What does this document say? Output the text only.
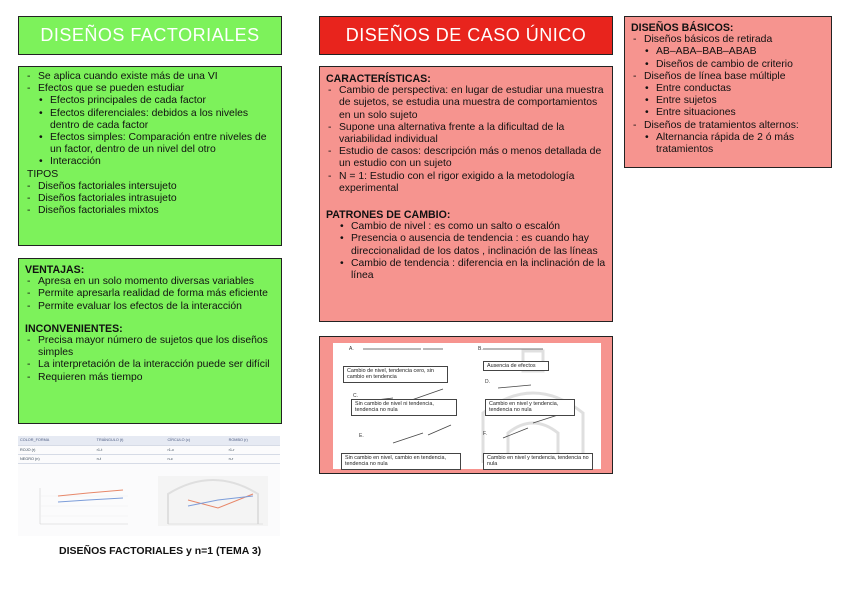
DISEÑOS FACTORIALES
- Se aplica cuando existe más de una VI
- Efectos que se pueden estudiar
• Efectos principales de cada factor
• Efectos diferenciales: debidos a los niveles dentro de cada factor
• Efectos simples: Comparación entre niveles de un factor, dentro de un nivel del otro
• Interacción
TIPOS
- Diseños factoriales intersujeto
- Diseños factoriales intrasujeto
- Diseños factoriales mixtos
VENTAJAS:
- Apresa en un solo momento diversas variables
- Permite apresarla realidad de forma más eficiente
- Permite evaluar los efectos de la interacción
INCONVENIENTES:
- Precisa mayor número de sujetos que los diseños simples
- La interpretación de la interacción puede ser difícil
- Requieren más tiempo
COLOR_FORMA	TRIÁNGULO (t)	CÍRCULO (c)	ROMBO (r)
ROJO (r)	r1-t	r1-c	r1-r
NEGRO (n)	n-t	n-c	n-r
DISEÑOS FACTORIALES y n=1 (TEMA 3)
DISEÑOS DE CASO ÚNICO
CARACTERÍSTICAS:
- Cambio de perspectiva: en lugar de estudiar una muestra de sujetos, se estudia una muestra de comportamientos en un solo sujeto
- Supone una alternativa frente a la dificultad de la variabilidad individual
- Estudio de casos: descripción más o menos detallada de un estudio con un sujeto
- N = 1: Estudio con el rigor exigido a la metodología experimental
PATRONES DE CAMBIO:
• Cambio de nivel : es como un salto o escalón
• Presencia o ausencia de tendencia : es cuando hay direccionalidad de los datos , inclinación de las líneas
• Cambio de tendencia : diferencia en la inclinación de la línea
A.	B.
C.
D.
E.	F.
Cambio de nivel, tendencia cero, sin cambio en tendencia
Ausencia de efectos
Sin cambio de nivel ni tendencia, tendencia no nula
Cambio en nivel y tendencia, tendencia no nula
Sin cambio en nivel, cambio en tendencia, tendencia no nula
Cambio en nivel y tendencia, tendencia no nula
DISEÑOS BÁSICOS:
- Diseños básicos de retirada
• AB–ABA–BAB–ABAB
• Diseños de cambio de criterio
- Diseños de línea base múltiple
• Entre conductas
• Entre sujetos
• Entre situaciones
- Diseños de tratamientos alternos:
• Alternancia rápida de 2 ó más tratamientos
